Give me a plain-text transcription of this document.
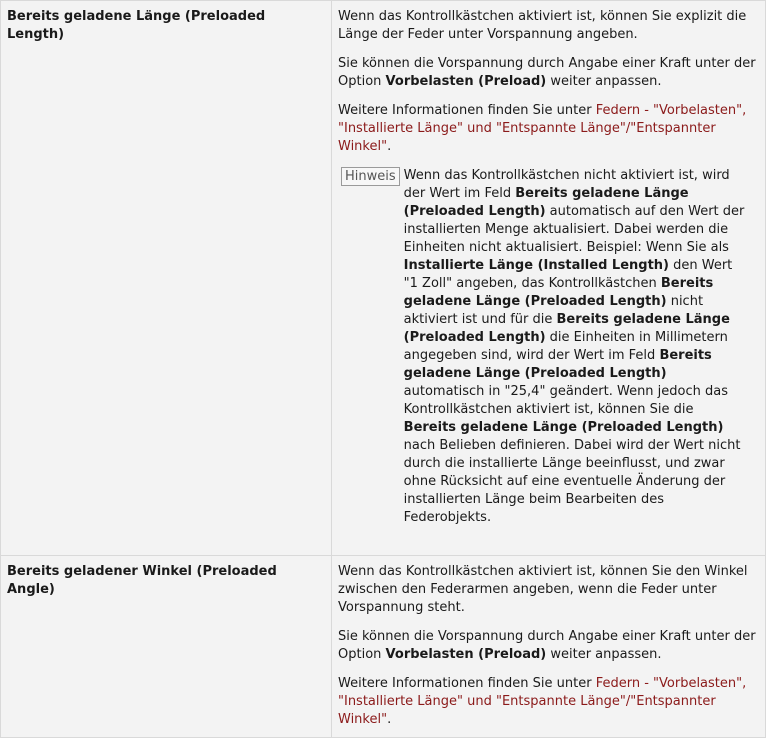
Bereits geladene Länge (Preloaded Length)	Wenn das Kontrollkästchen aktiviert ist, können Sie explizit die Länge der Feder unter Vorspannung angeben.

Sie können die Vorspannung durch Angabe einer Kraft unter der Option Vorbelasten (Preload) weiter anpassen.

Weitere Informationen finden Sie unter Federn - "Vorbelasten", "Installierte Länge" und "Entspannte Länge"/"Entspannter Winkel".

Hinweis Wenn das Kontrollkästchen nicht aktiviert ist, wird der Wert im Feld Bereits geladene Länge (Preloaded Length) automatisch auf den Wert der installierten Menge aktualisiert. Dabei werden die Einheiten nicht aktualisiert. Beispiel: Wenn Sie als Installierte Länge (Installed Length) den Wert "1 Zoll" angeben, das Kontrollkästchen Bereits geladene Länge (Preloaded Length) nicht aktiviert ist und für die Bereits geladene Länge (Preloaded Length) die Einheiten in Millimetern angegeben sind, wird der Wert im Feld Bereits geladene Länge (Preloaded Length) automatisch in "25,4" geändert. Wenn jedoch das Kontrollkästchen aktiviert ist, können Sie die Bereits geladene Länge (Preloaded Length) nach Belieben definieren. Dabei wird der Wert nicht durch die installierte Länge beeinflusst, und zwar ohne Rücksicht auf eine eventuelle Änderung der installierten Länge beim Bearbeiten des Federobjekts.

Bereits geladener Winkel (Preloaded Angle)	Wenn das Kontrollkästchen aktiviert ist, können Sie den Winkel zwischen den Federarmen angeben, wenn die Feder unter Vorspannung steht.

Sie können die Vorspannung durch Angabe einer Kraft unter der Option Vorbelasten (Preload) weiter anpassen.

Weitere Informationen finden Sie unter Federn - "Vorbelasten", "Installierte Länge" und "Entspannte Länge"/"Entspannter Winkel".
